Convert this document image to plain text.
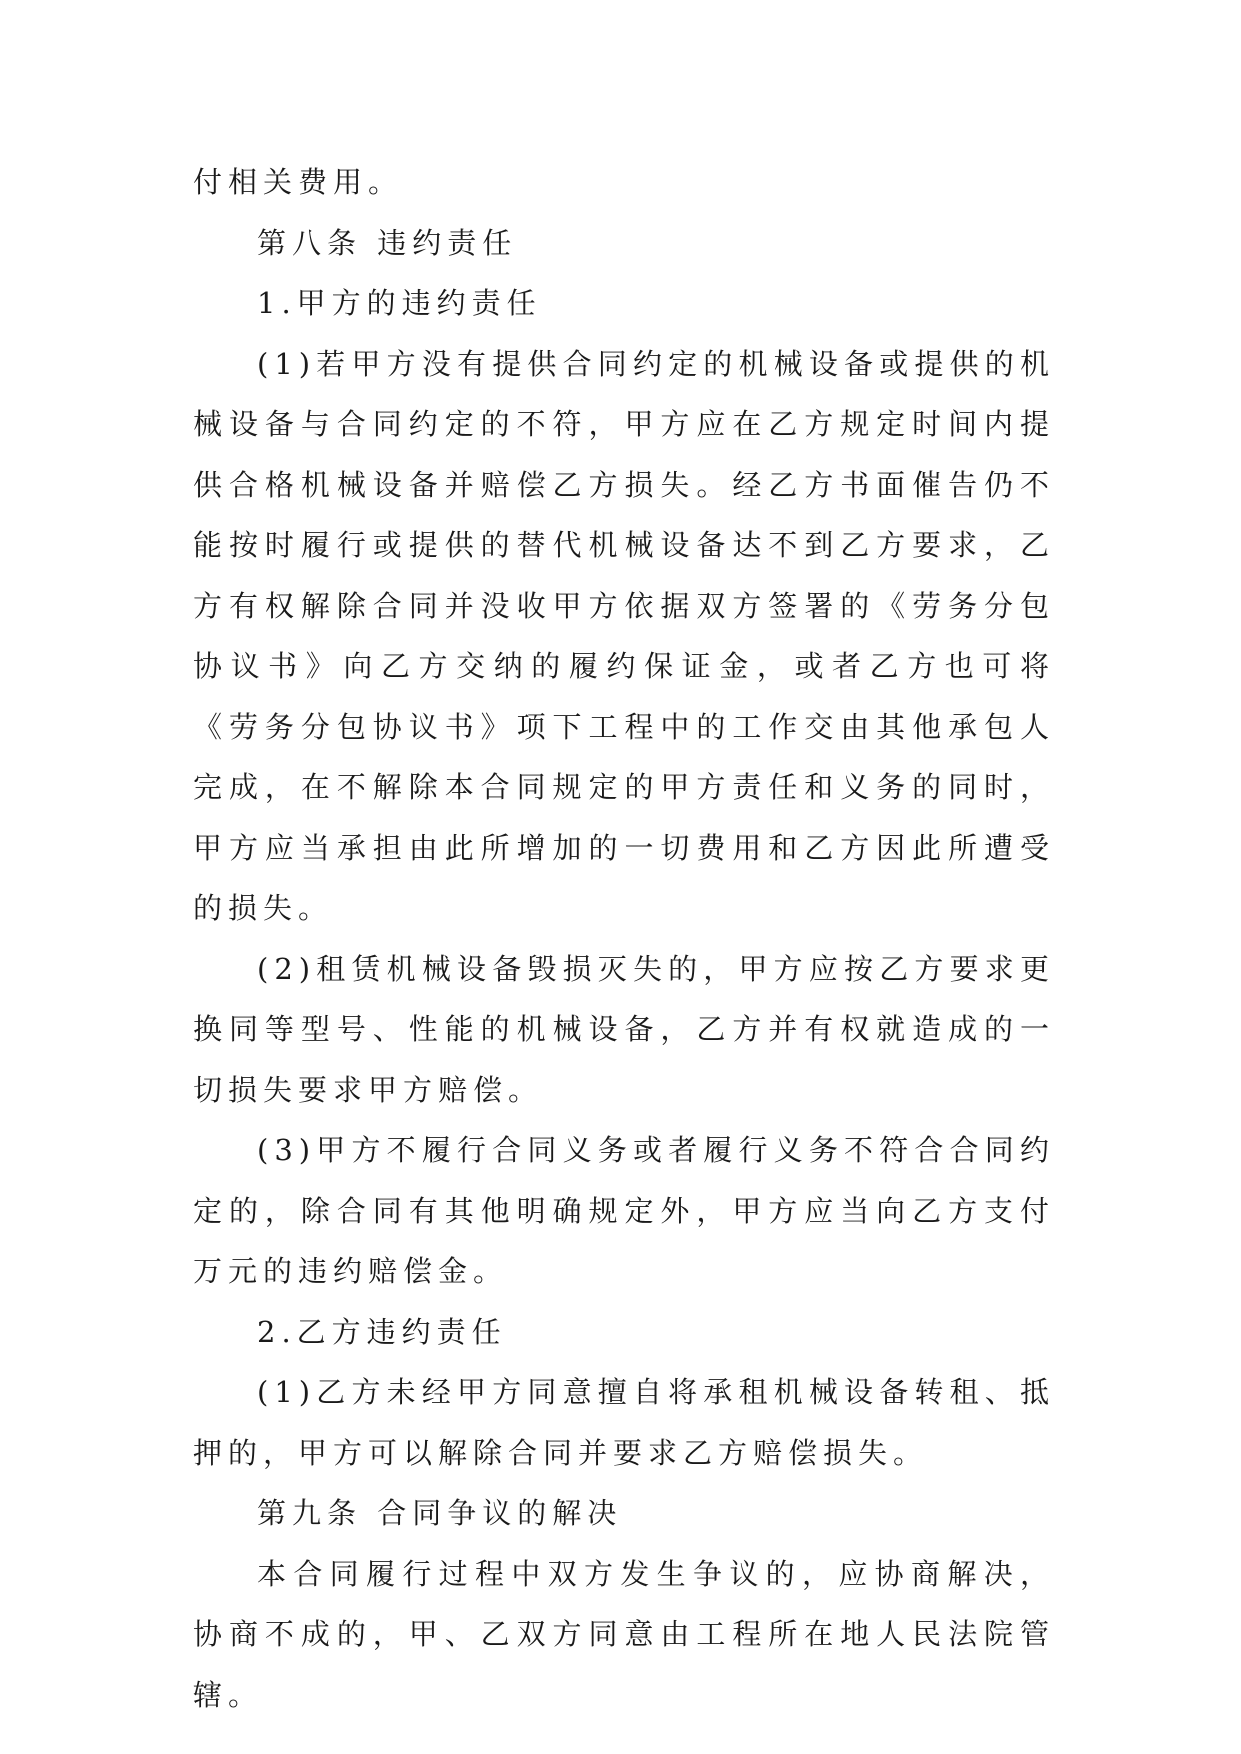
付相关费用。

第八条 违约责任

1.甲方的违约责任

(1)若甲方没有提供合同约定的机械设备或提供的机械设备与合同约定的不符，甲方应在乙方规定时间内提供合格机械设备并赔偿乙方损失。经乙方书面催告仍不能按时履行或提供的替代机械设备达不到乙方要求，乙方有权解除合同并没收甲方依据双方签署的《劳务分包协议书》向乙方交纳的履约保证金，或者乙方也可将《劳务分包协议书》项下工程中的工作交由其他承包人完成，在不解除本合同规定的甲方责任和义务的同时，甲方应当承担由此所增加的一切费用和乙方因此所遭受的损失。

(2)租赁机械设备毁损灭失的，甲方应按乙方要求更换同等型号、性能的机械设备，乙方并有权就造成的一切损失要求甲方赔偿。

(3)甲方不履行合同义务或者履行义务不符合合同约定的，除合同有其他明确规定外，甲方应当向乙方支付 万元的违约赔偿金。

2.乙方违约责任

(1)乙方未经甲方同意擅自将承租机械设备转租、抵押的，甲方可以解除合同并要求乙方赔偿损失。

第九条 合同争议的解决

本合同履行过程中双方发生争议的，应协商解决，协商不成的，甲、乙双方同意由工程所在地人民法院管辖。
